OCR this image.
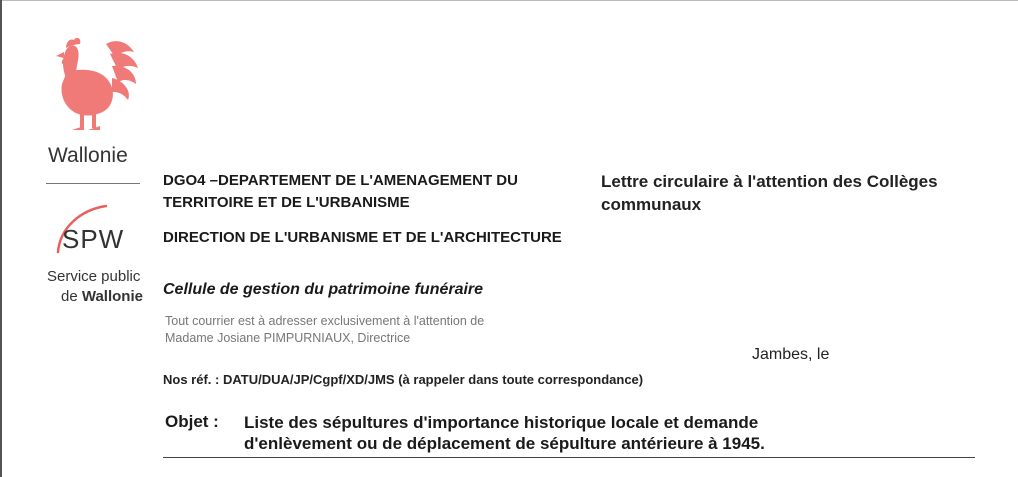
Wallonie
SPW
Service public
de Wallonie
DGO4 –DEPARTEMENT DE L'AMENAGEMENT DU TERRITOIRE ET DE L'URBANISME
DIRECTION DE L'URBANISME ET DE L'ARCHITECTURE
Cellule de gestion du patrimoine funéraire
Tout courrier est à adresser exclusivement à l'attention de
Madame Josiane PIMPURNIAUX, Directrice
Lettre circulaire à l'attention des Collèges communaux
Jambes, le
Nos réf. : DATU/DUA/JP/Cgpf/XD/JMS (à rappeler dans toute correspondance)
Objet : Liste des sépultures d'importance historique locale et demande
d'enlèvement ou de déplacement de sépulture antérieure à 1945.
